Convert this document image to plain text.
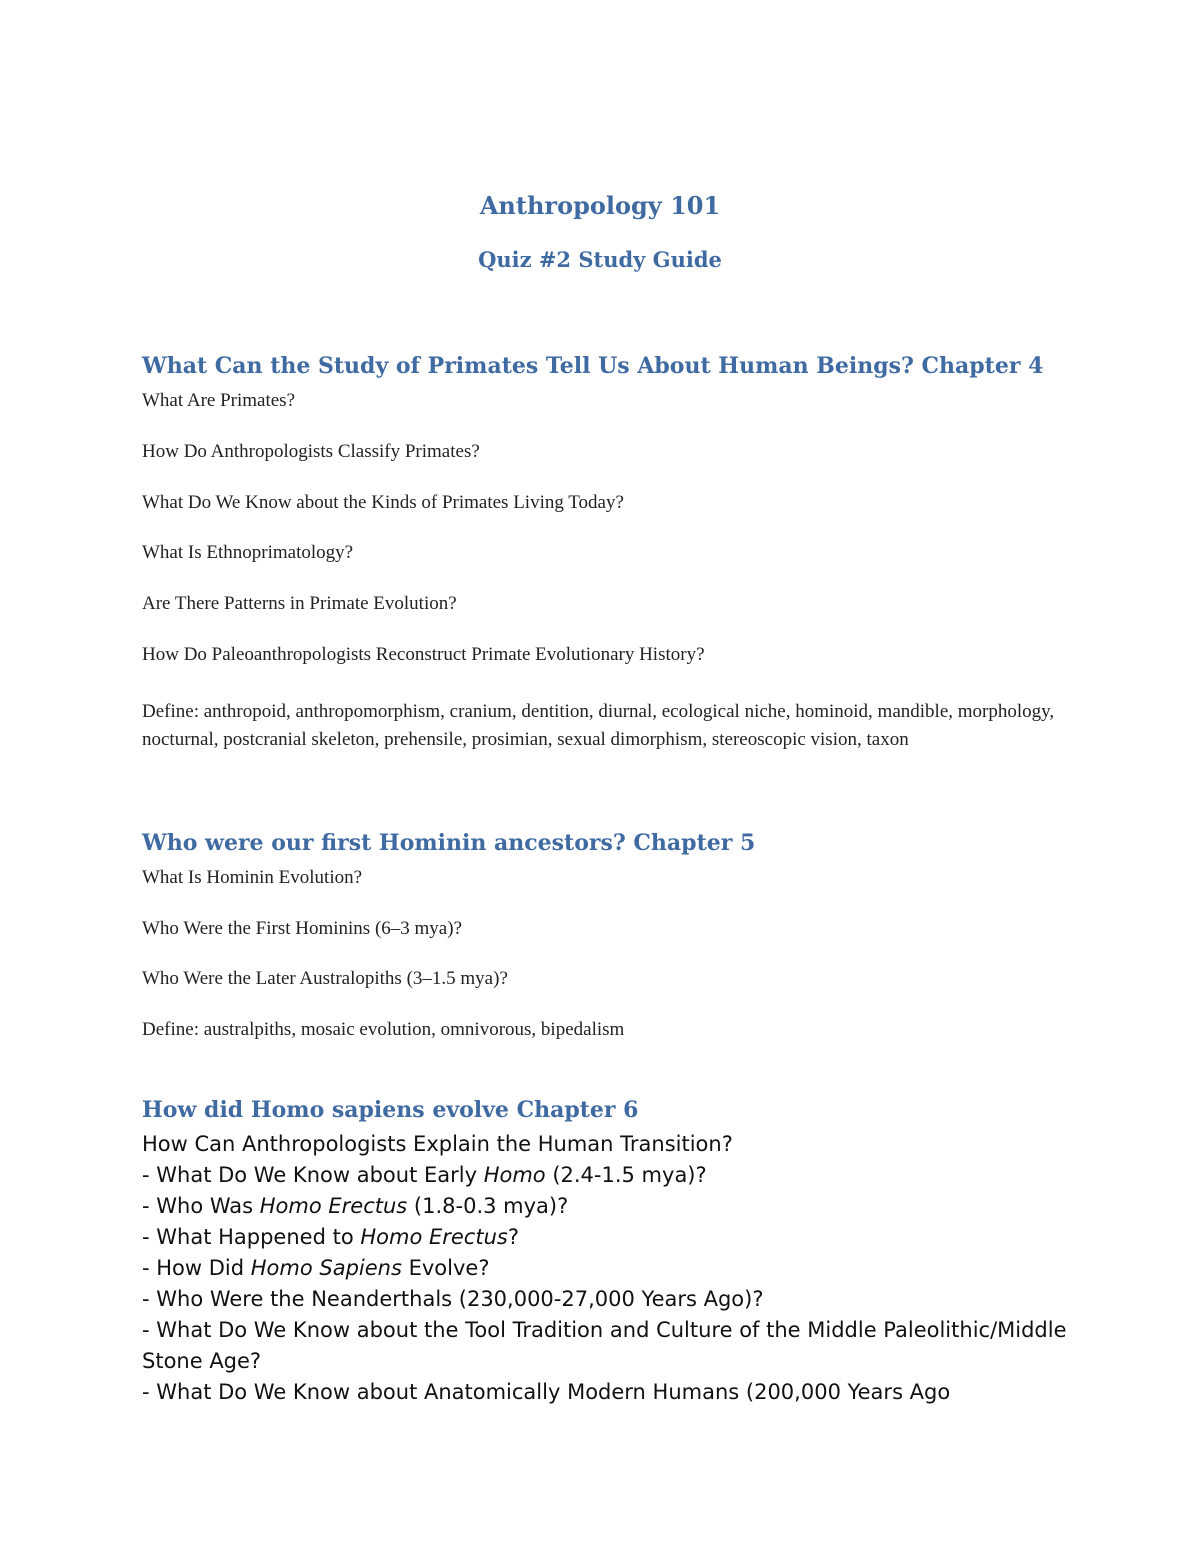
Anthropology 101
Quiz #2 Study Guide
What Can the Study of Primates Tell Us About Human Beings? Chapter 4
What Are Primates?
How Do Anthropologists Classify Primates?
What Do We Know about the Kinds of Primates Living Today?
What Is Ethnoprimatology?
Are There Patterns in Primate Evolution?
How Do Paleoanthropologists Reconstruct Primate Evolutionary History?
Define: anthropoid, anthropomorphism, cranium, dentition, diurnal, ecological niche, hominoid, mandible, morphology, nocturnal, postcranial skeleton, prehensile, prosimian, sexual dimorphism, stereoscopic vision, taxon
Who were our first Hominin ancestors? Chapter 5
What Is Hominin Evolution?
Who Were the First Hominins (6–3 mya)?
Who Were the Later Australopiths (3–1.5 mya)?
Define: australpiths, mosaic evolution, omnivorous, bipedalism
How did Homo sapiens evolve Chapter 6
How Can Anthropologists Explain the Human Transition?
- What Do We Know about Early Homo (2.4-1.5 mya)?
- Who Was Homo Erectus (1.8-0.3 mya)?
- What Happened to Homo Erectus?
- How Did Homo Sapiens Evolve?
- Who Were the Neanderthals (230,000-27,000 Years Ago)?
- What Do We Know about the Tool Tradition and Culture of the Middle Paleolithic/Middle Stone Age?
- What Do We Know about Anatomically Modern Humans (200,000 Years Ago
